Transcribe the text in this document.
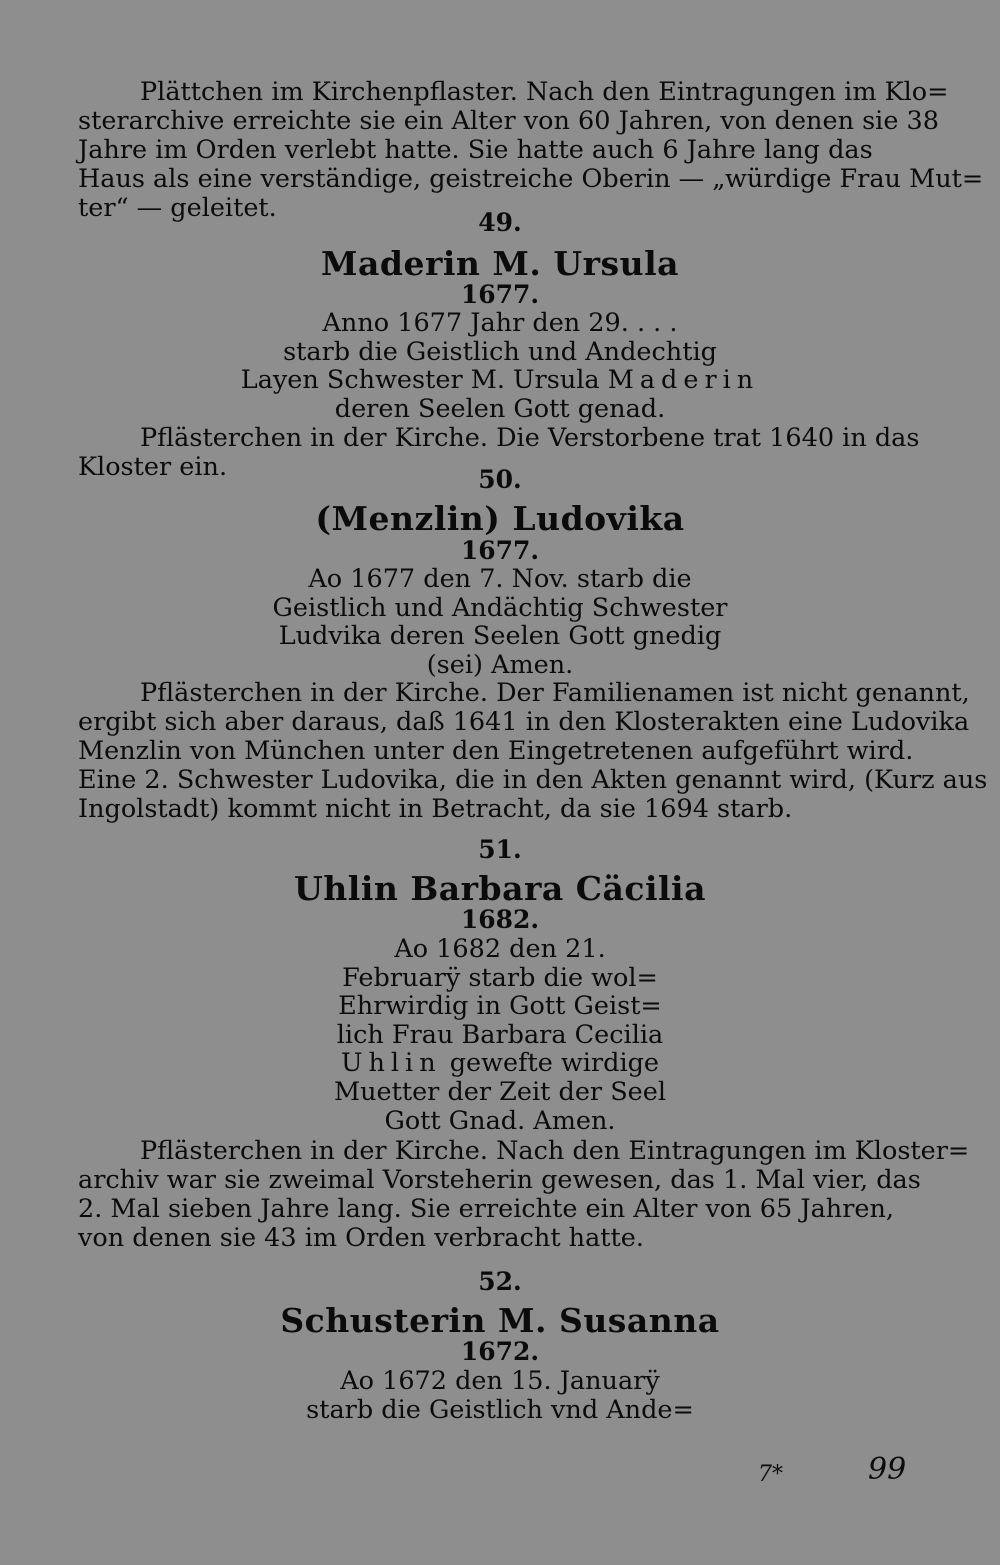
Plättchen im Kirchenpflaster. Nach den Eintragungen im Klo=
sterarchive erreichte sie ein Alter von 60 Jahren, von denen sie 38
Jahre im Orden verlebt hatte. Sie hatte auch 6 Jahre lang das
Haus als eine verständige, geistreiche Oberin — „würdige Frau Mut=
ter“ — geleitet.	49.
Maderin M. Ursula
1677.
Anno 1677 Jahr den 29. . . .
starb die Geistlich und Andechtig
Layen Schwester M. Ursula Maderin
deren Seelen Gott genad.
Pflästerchen in der Kirche. Die Verstorbene trat 1640 in das
Kloster ein.	50.
(Menzlin) Ludovika
1677.
Ao 1677 den 7. Nov. starb die
Geistlich und Andächtig Schwester
Ludvika deren Seelen Gott gnedig
(sei) Amen.
Pflästerchen in der Kirche. Der Familienamen ist nicht genannt,
ergibt sich aber daraus, daß 1641 in den Klosterakten eine Ludovika
Menzlin von München unter den Eingetretenen aufgeführt wird.
Eine 2. Schwester Ludovika, die in den Akten genannt wird, (Kurz aus
Ingolstadt) kommt nicht in Betracht, da sie 1694 starb.
51.
Uhlin Barbara Cäcilia
1682.
Ao 1682 den 21.
Februarÿ starb die wol=
Ehrwirdig in Gott Geist=
lich Frau Barbara Cecilia
Uhlin gewefte wirdige
Muetter der Zeit der Seel
Gott Gnad. Amen.
Pflästerchen in der Kirche. Nach den Eintragungen im Kloster=
archiv war sie zweimal Vorsteherin gewesen, das 1. Mal vier, das
2. Mal sieben Jahre lang. Sie erreichte ein Alter von 65 Jahren,
von denen sie 43 im Orden verbracht hatte.
52.
Schusterin M. Susanna
1672.
Ao 1672 den 15. Januarÿ
starb die Geistlich vnd Ande=
7*	99
